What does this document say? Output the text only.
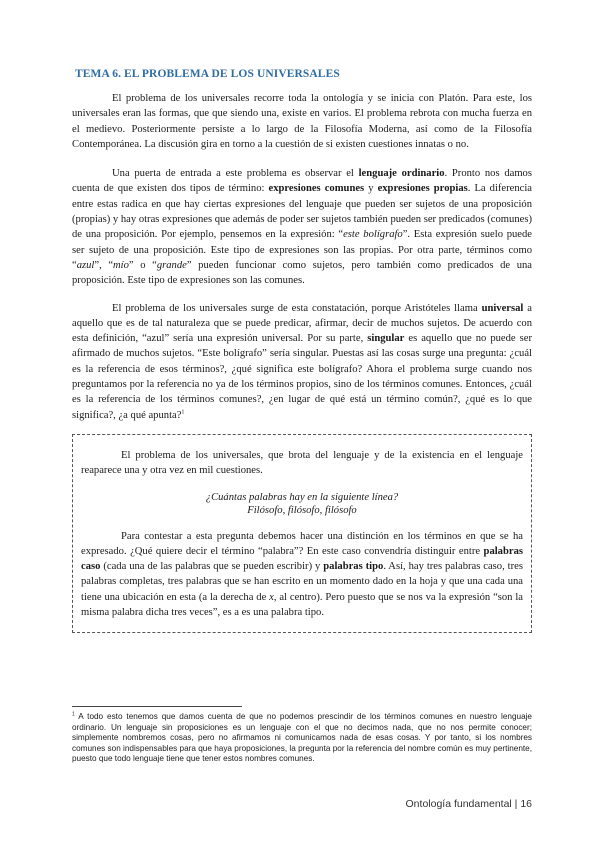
TEMA 6. EL PROBLEMA DE LOS UNIVERSALES

El problema de los universales recorre toda la ontología y se inicia con Platón. Para este, los universales eran las formas, que que siendo una, existe en varios. El problema rebrota con mucha fuerza en el medievo. Posteriormente persiste a lo largo de la Filosofía Moderna, así como de la Filosofía Contemporánea. La discusión gira en torno a la cuestión de si existen cuestiones innatas o no.

Una puerta de entrada a este problema es observar el lenguaje ordinario. Pronto nos damos cuenta de que existen dos tipos de término: expresiones comunes y expresiones propias. La diferencia entre estas radica en que hay ciertas expresiones del lenguaje que pueden ser sujetos de una proposición (propias) y hay otras expresiones que además de poder ser sujetos también pueden ser predicados (comunes) de una proposición. Por ejemplo, pensemos en la expresión: “este bolígrafo”. Esta expresión suelo puede ser sujeto de una proposición. Este tipo de expresiones son las propias. Por otra parte, términos como “azul”, “mío” o “grande” pueden funcionar como sujetos, pero también como predicados de una proposición. Este tipo de expresiones son las comunes.

El problema de los universales surge de esta constatación, porque Aristóteles llama universal a aquello que es de tal naturaleza que se puede predicar, afirmar, decir de muchos sujetos. De acuerdo con esta definición, “azul” sería una expresión universal. Por su parte, singular es aquello que no puede ser afirmado de muchos sujetos. “Este bolígrafo” sería singular. Puestas así las cosas surge una pregunta: ¿cuál es la referencia de esos términos?, ¿qué significa este bolígrafo? Ahora el problema surge cuando nos preguntamos por la referencia no ya de los términos propios, sino de los términos comunes. Entonces, ¿cuál es la referencia de los términos comunes?, ¿en lugar de qué está un término común?, ¿qué es lo que significa?, ¿a qué apunta?$^1$

El problema de los universales, que brota del lenguaje y de la existencia en el lenguaje reaparece una y otra vez en mil cuestiones.

¿Cuántas palabras hay en la siguiente línea?
Filósofo, filósofo, filósofo

Para contestar a esta pregunta debemos hacer una distinción en los términos en que se ha expresado. ¿Qué quiere decir el término “palabra”? En este caso convendría distinguir entre palabras caso (cada una de las palabras que se pueden escribir) y palabras tipo. Así, hay tres palabras caso, tres palabras completas, tres palabras que se han escrito en un momento dado en la hoja y que una cada una tiene una ubicación en esta (a la derecha de x, al centro). Pero puesto que se nos va la expresión “son la misma palabra dicha tres veces”, es a es una palabra tipo.

$^1$ A todo esto tenemos que damos cuenta de que no podemos prescindir de los términos comunes en nuestro lenguaje ordinario. Un lenguaje sin proposiciones es un lenguaje con el que no decimos nada, que no nos permite conocer; simplemente nombremos cosas, pero no afirmamos ni comunicamos nada de esas cosas. Y por tanto, si los nombres comunes son indispensables para que haya proposiciones, la pregunta por la referencia del nombre común es muy pertinente, puesto que todo lenguaje tiene que tener estos nombres comunes.

Ontología fundamental | 16
